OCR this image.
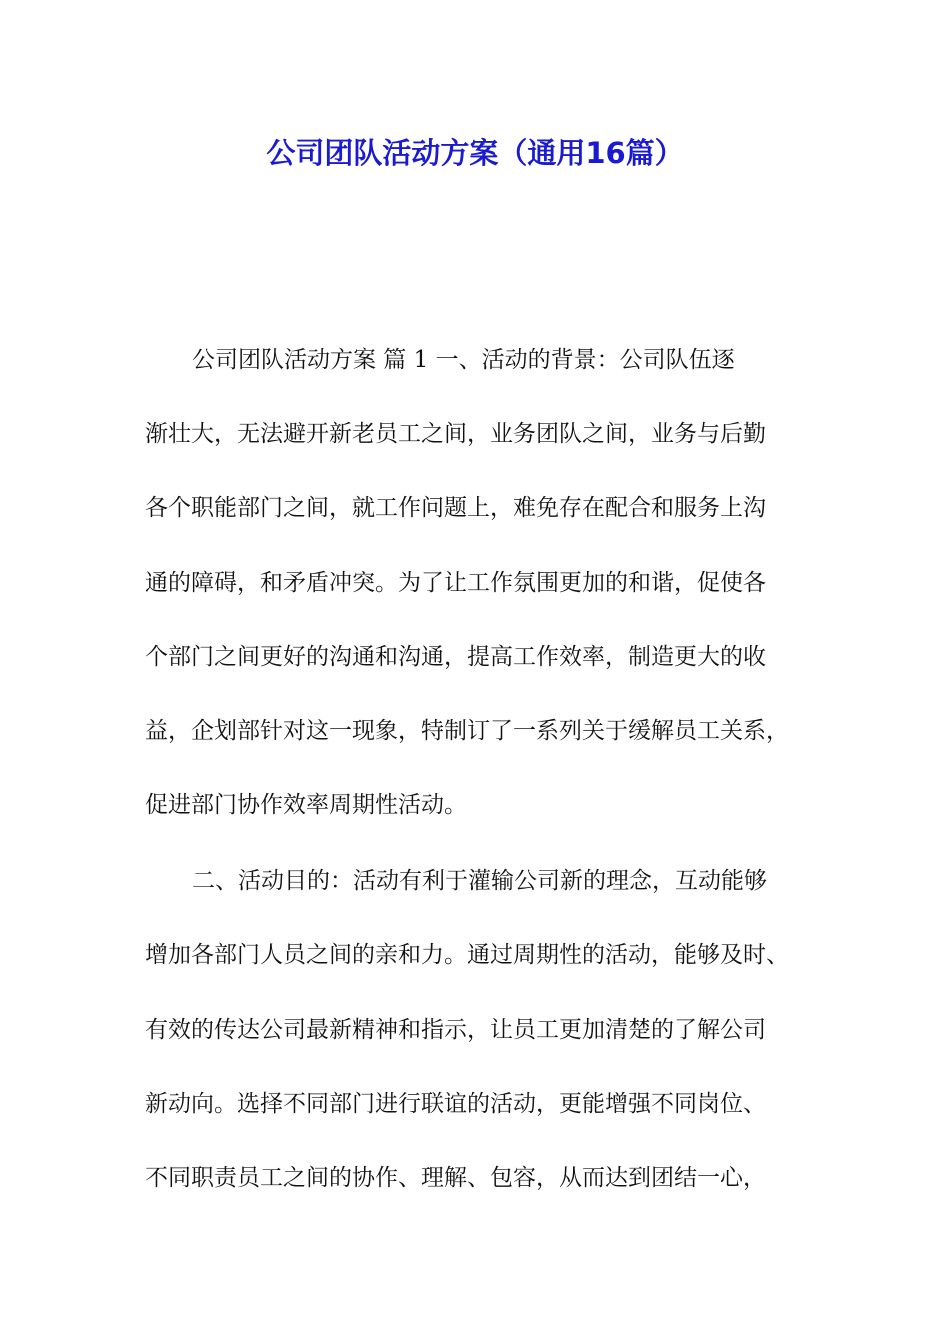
公司团队活动方案（通用16篇）
公司团队活动方案 篇 1 一、活动的背景：公司队伍逐
渐壮大，无法避开新老员工之间，业务团队之间，业务与后勤
各个职能部门之间，就工作问题上，难免存在配合和服务上沟
通的障碍，和矛盾冲突。为了让工作氛围更加的和谐，促使各
个部门之间更好的沟通和沟通，提高工作效率，制造更大的收
益，企划部针对这一现象，特制订了一系列关于缓解员工关系，
促进部门协作效率周期性活动。
二、活动目的：活动有利于灌输公司新的理念，互动能够
增加各部门人员之间的亲和力。通过周期性的活动，能够及时、
有效的传达公司最新精神和指示，让员工更加清楚的了解公司
新动向。选择不同部门进行联谊的活动，更能增强不同岗位、
不同职责员工之间的协作、理解、包容，从而达到团结一心，
